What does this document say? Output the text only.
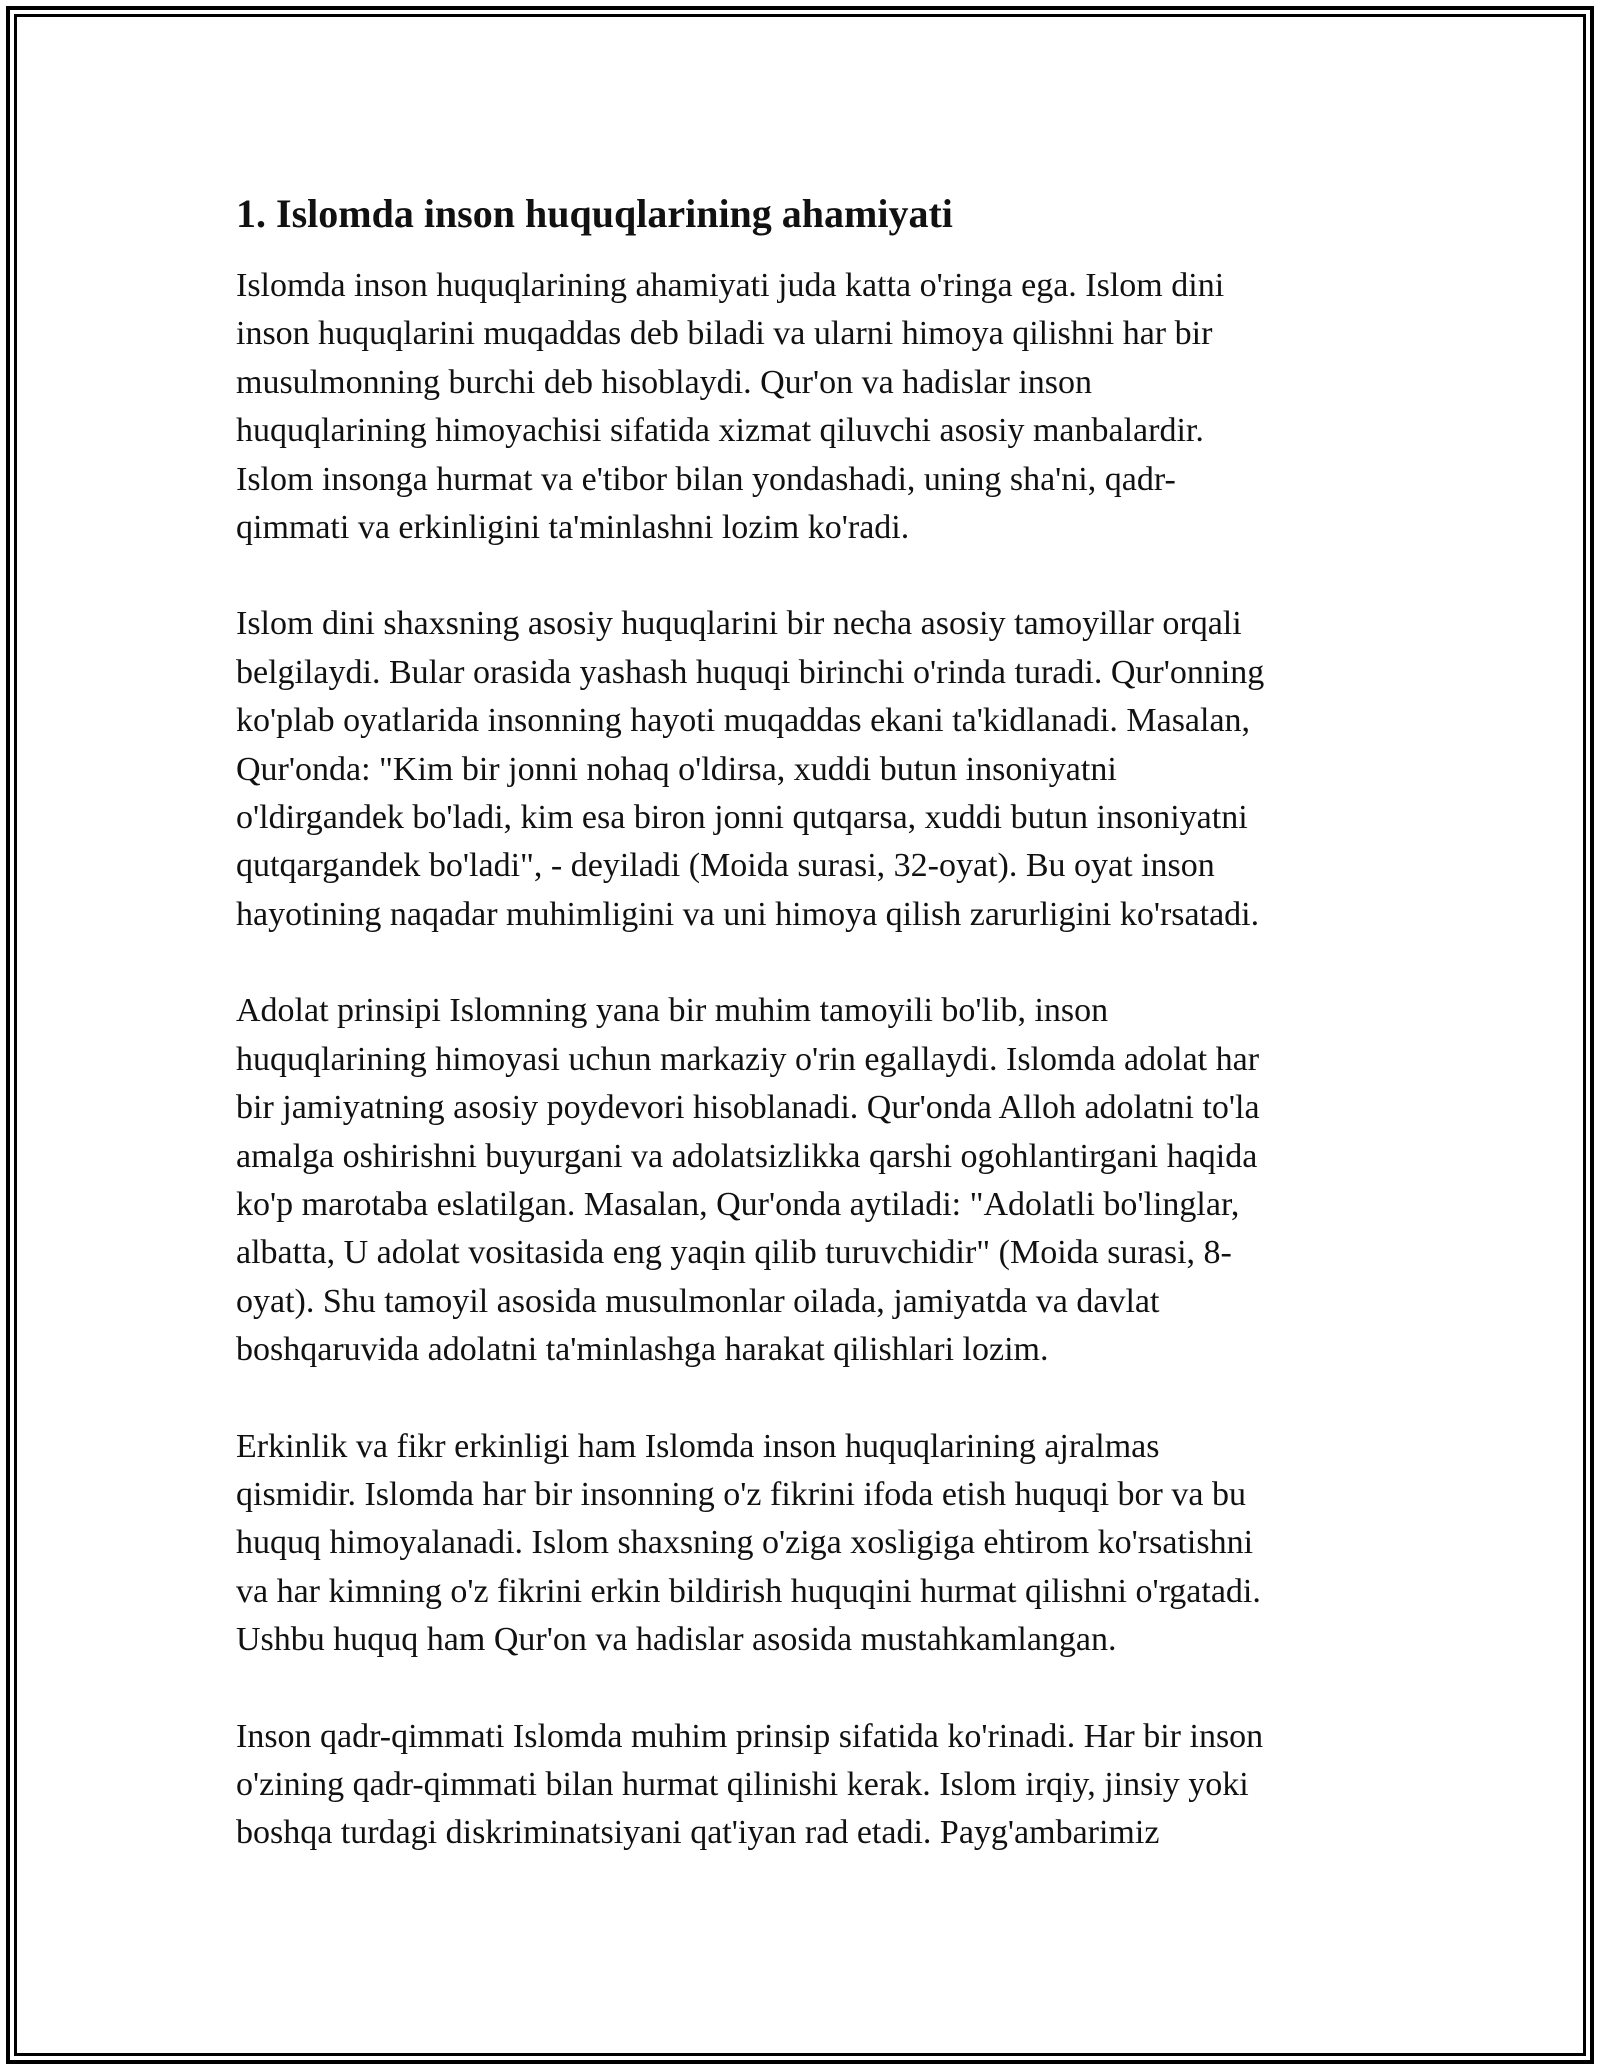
1. Islomda inson huquqlarining ahamiyati

Islomda inson huquqlarining ahamiyati juda katta o'ringa ega. Islom dini
inson huquqlarini muqaddas deb biladi va ularni himoya qilishni har bir
musulmonning burchi deb hisoblaydi. Qur'on va hadislar inson
huquqlarining himoyachisi sifatida xizmat qiluvchi asosiy manbalardir.
Islom insonga hurmat va e'tibor bilan yondashadi, uning sha'ni, qadr-
qimmati va erkinligini ta'minlashni lozim ko'radi.

Islom dini shaxsning asosiy huquqlarini bir necha asosiy tamoyillar orqali
belgilaydi. Bular orasida yashash huquqi birinchi o'rinda turadi. Qur'onning
ko'plab oyatlarida insonning hayoti muqaddas ekani ta'kidlanadi. Masalan,
Qur'onda: "Kim bir jonni nohaq o'ldirsa, xuddi butun insoniyatni
o'ldirgandek bo'ladi, kim esa biron jonni qutqarsa, xuddi butun insoniyatni
qutqargandek bo'ladi", - deyiladi (Moida surasi, 32-oyat). Bu oyat inson
hayotining naqadar muhimligini va uni himoya qilish zarurligini ko'rsatadi.

Adolat prinsipi Islomning yana bir muhim tamoyili bo'lib, inson
huquqlarining himoyasi uchun markaziy o'rin egallaydi. Islomda adolat har
bir jamiyatning asosiy poydevori hisoblanadi. Qur'onda Alloh adolatni to'la
amalga oshirishni buyurgani va adolatsizlikka qarshi ogohlantirgani haqida
ko'p marotaba eslatilgan. Masalan, Qur'onda aytiladi: "Adolatli bo'linglar,
albatta, U adolat vositasida eng yaqin qilib turuvchidir" (Moida surasi, 8-
oyat). Shu tamoyil asosida musulmonlar oilada, jamiyatda va davlat
boshqaruvida adolatni ta'minlashga harakat qilishlari lozim.

Erkinlik va fikr erkinligi ham Islomda inson huquqlarining ajralmas
qismidir. Islomda har bir insonning o'z fikrini ifoda etish huquqi bor va bu
huquq himoyalanadi. Islom shaxsning o'ziga xosligiga ehtirom ko'rsatishni
va har kimning o'z fikrini erkin bildirish huquqini hurmat qilishni o'rgatadi.
Ushbu huquq ham Qur'on va hadislar asosida mustahkamlangan.

Inson qadr-qimmati Islomda muhim prinsip sifatida ko'rinadi. Har bir inson
o'zining qadr-qimmati bilan hurmat qilinishi kerak. Islom irqiy, jinsiy yoki
boshqa turdagi diskriminatsiyani qat'iyan rad etadi. Payg'ambarimiz
